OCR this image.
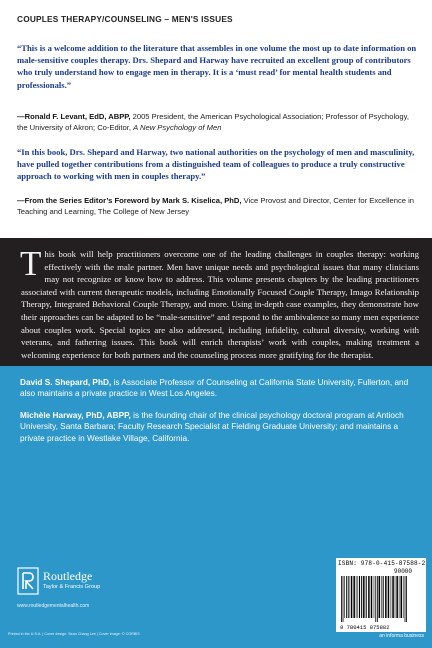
COUPLES THERAPY/COUNSELING – MEN'S ISSUES
“This is a welcome addition to the literature that assembles in one volume the most up to date information on male-sensitive couples therapy. Drs. Shepard and Harway have recruited an excellent group of contributors who truly understand how to engage men in therapy. It is a ‘must read’ for mental health students and professionals.”
—Ronald F. Levant, EdD, ABPP, 2005 President, the American Psychological Association; Professor of Psychology, the University of Akron; Co-Editor, A New Psychology of Men
“In this book, Drs. Shepard and Harway, two national authorities on the psychology of men and masculinity, have pulled together contributions from a distinguished team of colleagues to produce a truly constructive approach to working with men in couples therapy.”
—From the Series Editor’s Foreword by Mark S. Kiselica, PhD, Vice Provost and Director, Center for Excellence in Teaching and Learning, The College of New Jersey
This book will help practitioners overcome one of the leading challenges in couples therapy: working effectively with the male partner. Men have unique needs and psychological issues that many clinicians may not recognize or know how to address. This volume presents chapters by the leading practitioners associated with current therapeutic models, including Emotionally Focused Couple Therapy, Imago Relationship Therapy, Integrated Behavioral Couple Therapy, and more. Using in-depth case examples, they demonstrate how their approaches can be adapted to be “male-sensitive” and respond to the ambivalence so many men experience about couples work. Special topics are also addressed, including infidelity, cultural diversity, working with veterans, and fathering issues. This book will enrich therapists’ work with couples, making treatment a welcoming experience for both partners and the counseling process more gratifying for the therapist.
David S. Shepard, PhD, is Associate Professor of Counseling at California State University, Fullerton, and also maintains a private practice in West Los Angeles.
Michèle Harway, PhD, ABPP, is the founding chair of the clinical psychology doctoral program at Antioch University, Santa Barbara; Faculty Research Specialist at Fielding Graduate University; and maintains a private practice in Westlake Village, California.
Routledge
Taylor & Francis Group
www.routledgementalhealth.com
Printed in the U.S.A. | Cover design: Sean Chang Lee | Cover image: © CORBIS	an informa business
ISBN: 978-0-415-87588-2
90000
9 780415 875882
